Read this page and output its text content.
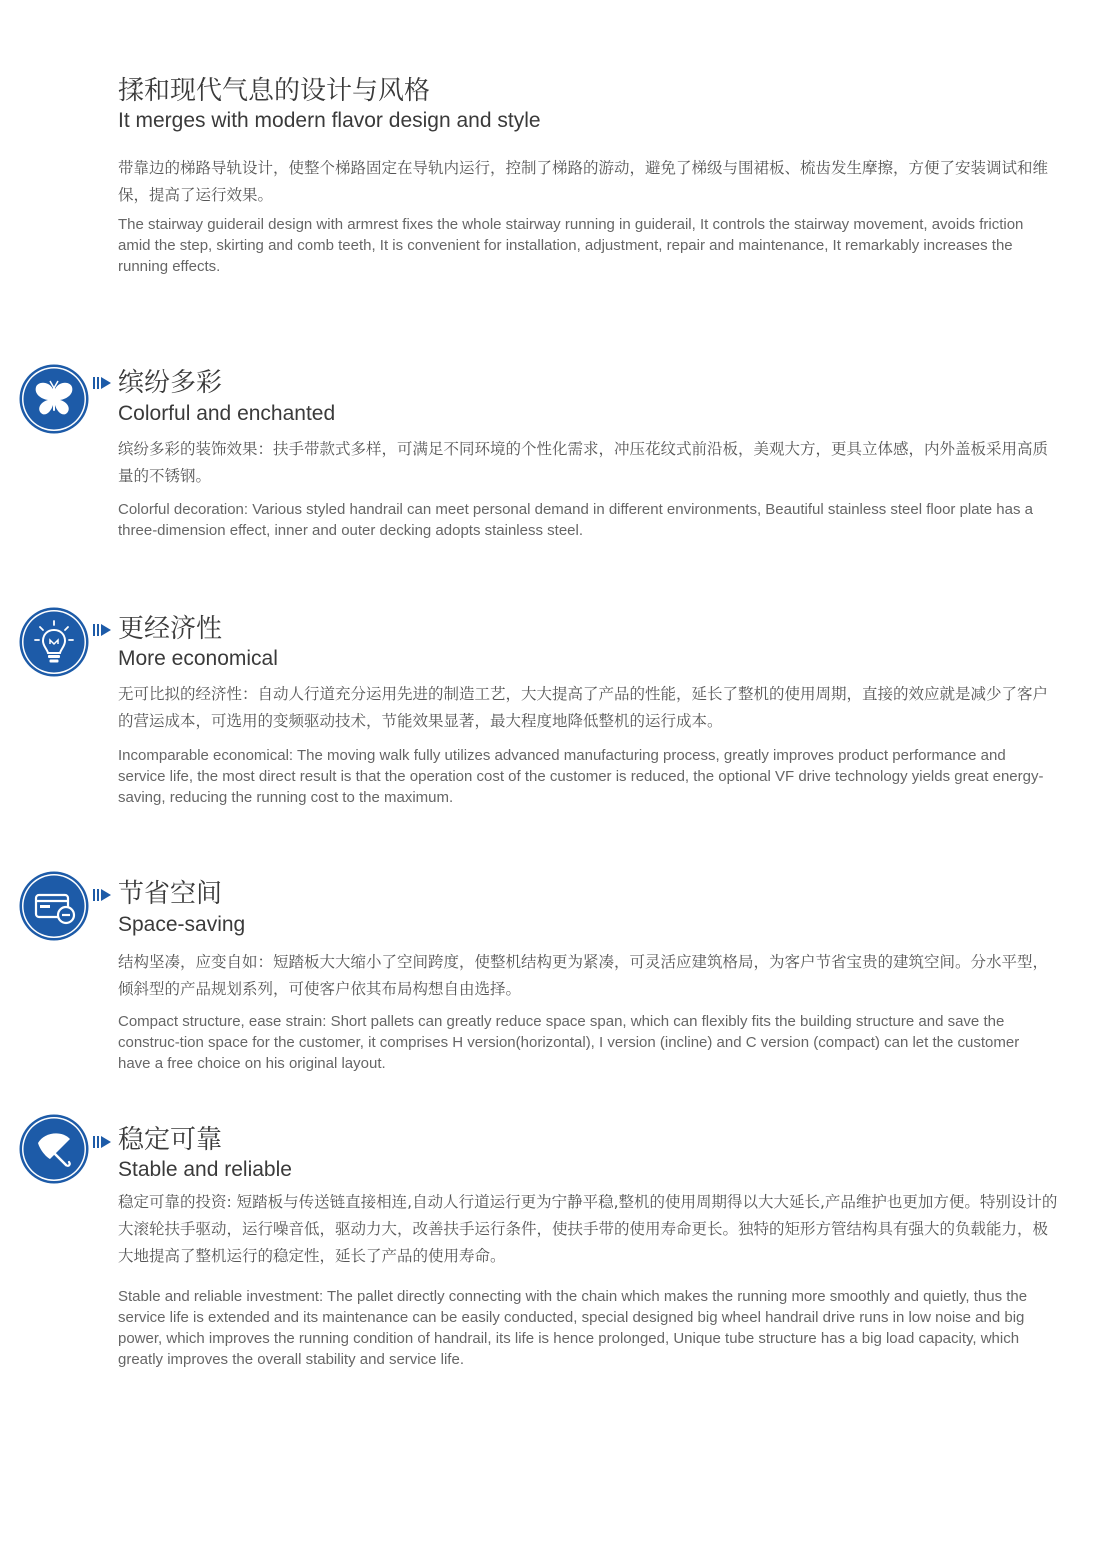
揉和现代气息的设计与风格
It merges with modern flavor design and style

带靠边的梯路导轨设计，使整个梯路固定在导轨内运行，控制了梯路的游动，避免了梯级与围裙板、梳齿发生摩擦，方便了安装调试和维保，提高了运行效果。

The stairway guiderail design with armrest fixes the whole stairway running in guiderail, It controls the stairway movement, avoids friction amid the step, skirting and comb teeth, It is convenient for installation, adjustment, repair and maintenance, It remarkably increases the running effects.

缤纷多彩
Colorful and enchanted

缤纷多彩的装饰效果：扶手带款式多样，可满足不同环境的个性化需求，冲压花纹式前沿板，美观大方，更具立体感，内外盖板采用高质量的不锈钢。

Colorful decoration: Various styled handrail can meet personal demand in different environments, Beautiful stainless steel floor plate has a three-dimension effect, inner and outer decking adopts stainless steel.

更经济性
More economical

无可比拟的经济性：自动人行道充分运用先进的制造工艺，大大提高了产品的性能，延长了整机的使用周期，直接的效应就是减少了客户的营运成本，可选用的变频驱动技术，节能效果显著，最大程度地降低整机的运行成本。

Incomparable economical: The moving walk fully utilizes advanced manufacturing process, greatly improves product performance and service life, the most direct result is that the operation cost of the customer is reduced, the optional VF drive technology yields great energy-saving, reducing the running cost to the maximum.

节省空间
Space-saving

结构坚凑，应变自如：短踏板大大缩小了空间跨度，使整机结构更为紧凑，可灵活应建筑格局，为客户节省宝贵的建筑空间。分水平型，倾斜型的产品规划系列，可使客户依其布局构想自由选择。

Compact structure, ease strain: Short pallets can greatly reduce space span, which can flexibly fits the building structure and save the construc-tion space for the customer, it comprises H version(horizontal), I version (incline) and C version (compact) can let the customer have a free choice on his original layout.

稳定可靠
Stable and reliable

稳定可靠的投资: 短踏板与传送链直接相连,自动人行道运行更为宁静平稳,整机的使用周期得以大大延长,产品维护也更加方便。特别设计的大滚轮扶手驱动，运行噪音低，驱动力大，改善扶手运行条件，使扶手带的使用寿命更长。独特的矩形方管结构具有强大的负载能力，极大地提高了整机运行的稳定性，延长了产品的使用寿命。

Stable and reliable investment: The pallet directly connecting with the chain which makes the running more smoothly and quietly, thus the service life is extended and its maintenance can be easily conducted, special designed big wheel handrail drive runs in low noise and big power, which improves the running condition of handrail, its life is hence prolonged, Unique tube structure has a big load capacity, which greatly improves the overall stability and service life.
